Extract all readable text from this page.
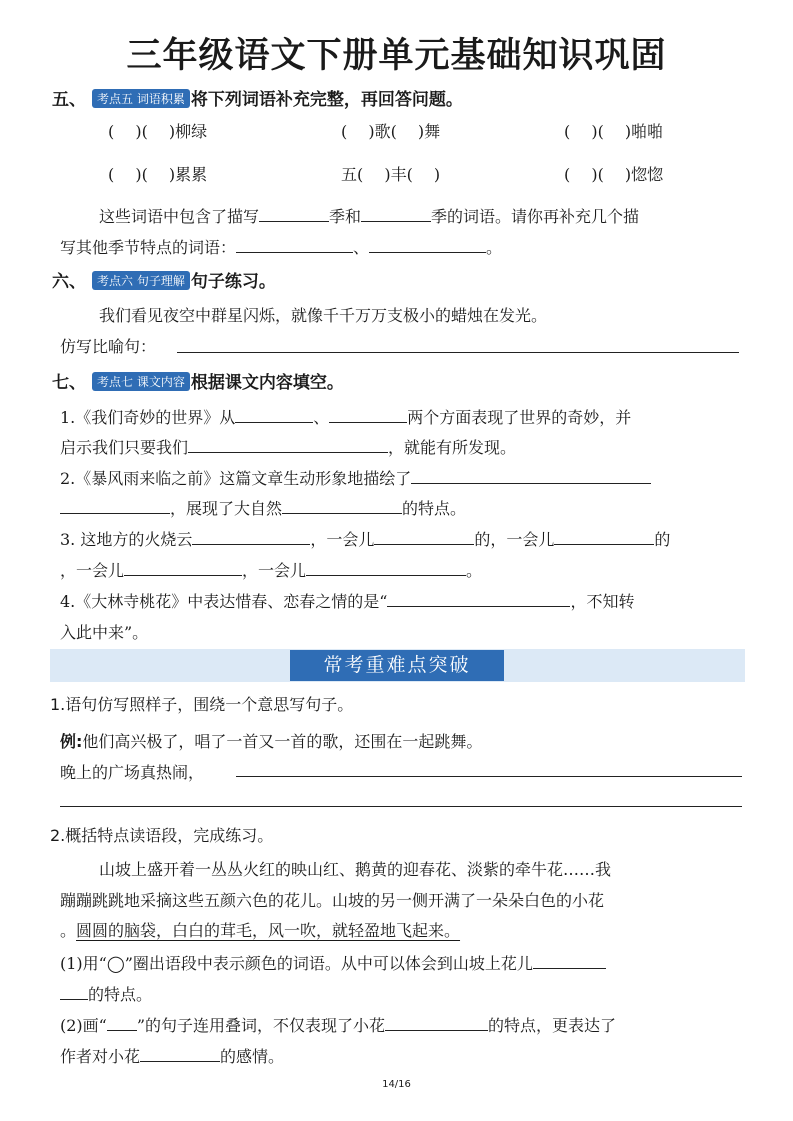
三年级语文下册单元基础知识巩固
五、 考点五 词语积累 将下列词语补充完整，再回答问题。
(　 )(　 )柳绿	(　 )歌(　 )舞	(　 )(　 )啪啪
(　 )(　 )累累	五(　 )丰(　 )	(　 )(　 )惚惚
这些词语中包含了描写	季和	季的词语。请你再补充几个描
写其他季节特点的词语：	、	。
六、 考点六 句子理解 句子练习。
我们看见夜空中群星闪烁，就像千千万万支极小的蜡烛在发光。
仿写比喻句：
七、 考点七 课文内容 根据课文内容填空。
1.《我们奇妙的世界》从	、	两个方面表现了世界的奇妙，并
启示我们只要我们	，就能有所发现。
2.《暴风雨来临之前》这篇文章生动形象地描绘了
，展现了大自然	的特点。
3. 这地方的火烧云	，一会儿	的，一会儿	的
，一会儿	，一会儿	。
4.《大林寺桃花》中表达惜春、恋春之情的是“	，不知转
入此中来”。
常考重难点突破
1.语句仿写照样子，围绕一个意思写句子。
例:他们高兴极了，唱了一首又一首的歌，还围在一起跳舞。
晚上的广场真热闹，
2.概括特点读语段，完成练习。
山坡上盛开着一丛丛火红的映山红、鹅黄的迎春花、淡紫的牵牛花……我
蹦蹦跳跳地采摘这些五颜六色的花儿。山坡的另一侧开满了一朵朵白色的小花
。圆圆的脑袋，白白的茸毛，风一吹，就轻盈地飞起来。
(1)用“◯”圈出语段中表示颜色的词语。从中可以体会到山坡上花儿
的特点。
(2)画“ ”的句子连用叠词，不仅表现了小花	的特点，更表达了
作者对小花	的感情。
14/16
